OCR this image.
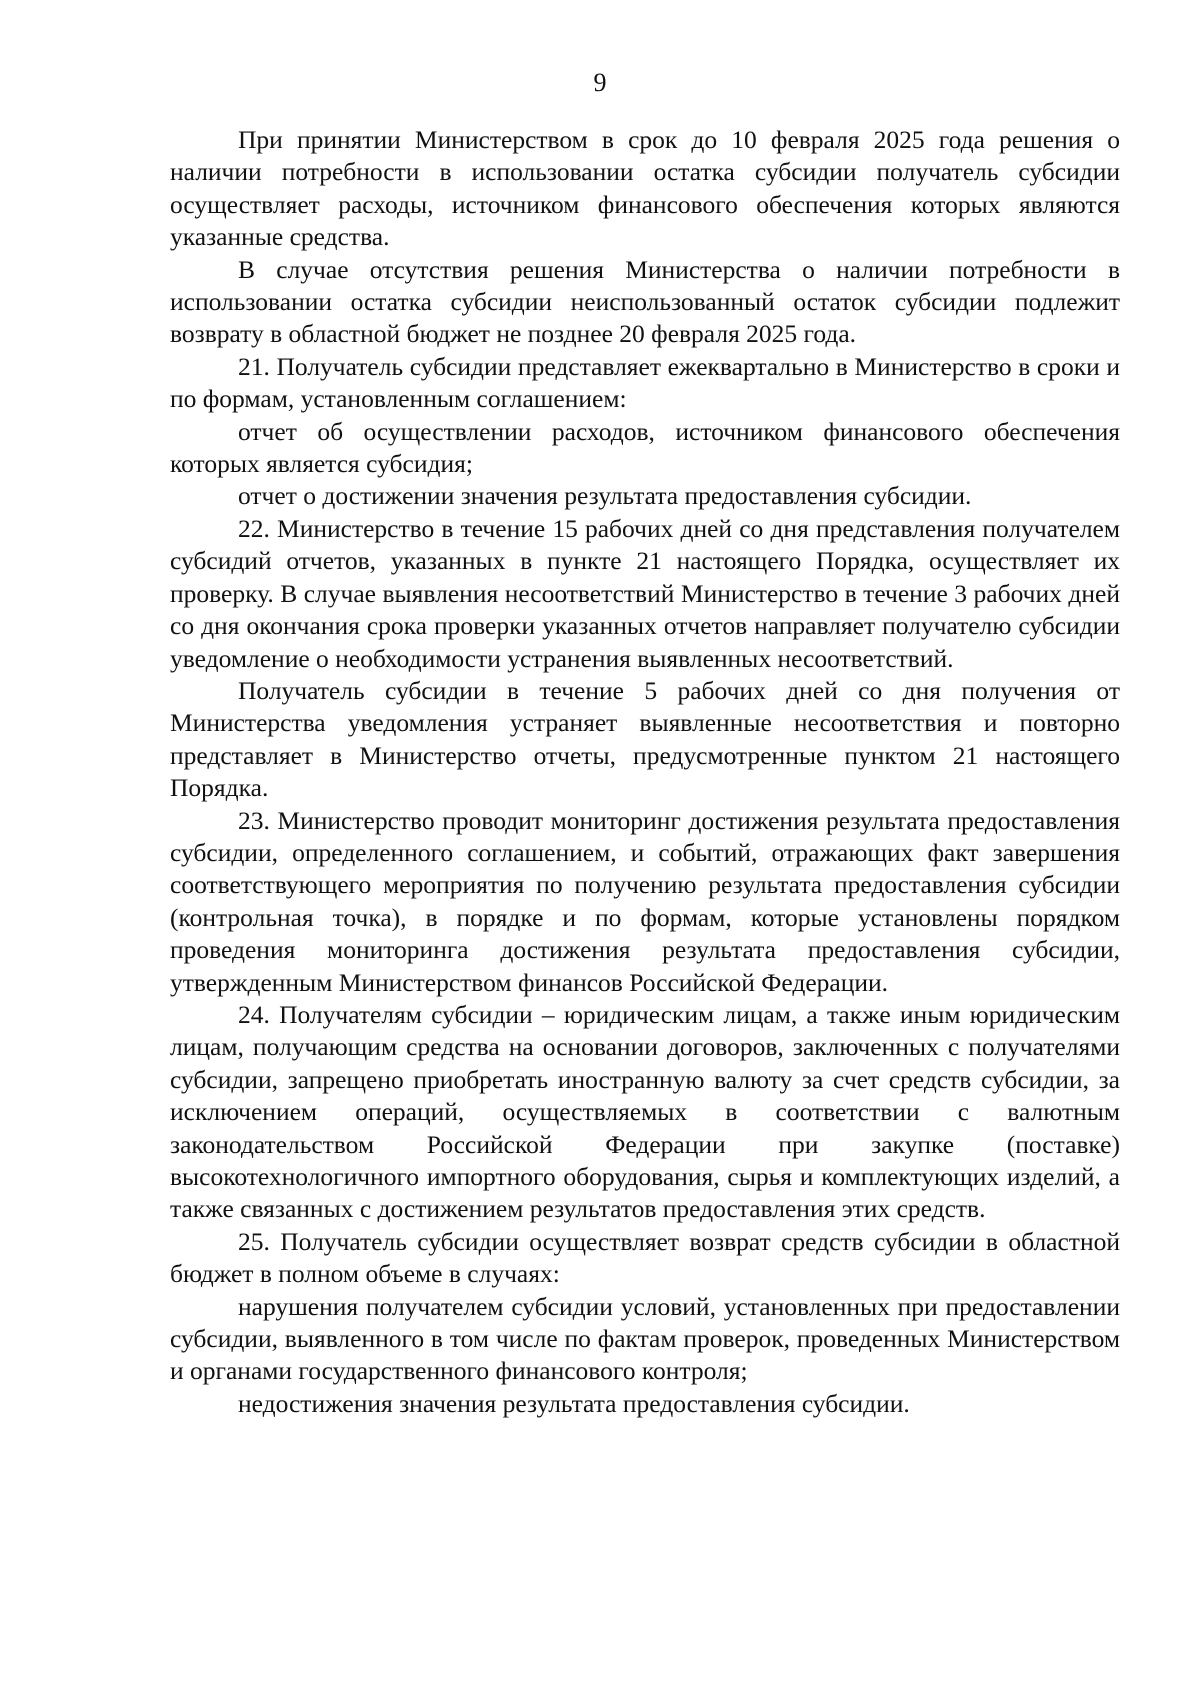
9

При принятии Министерством в срок до 10 февраля 2025 года решения о наличии потребности в использовании остатка субсидии получатель субсидии осуществляет расходы, источником финансового обеспечения которых являются указанные средства.

В случае отсутствия решения Министерства о наличии потребности в использовании остатка субсидии неиспользованный остаток субсидии подлежит возврату в областной бюджет не позднее 20 февраля 2025 года.

21. Получатель субсидии представляет ежеквартально в Министерство в сроки и по формам, установленным соглашением:

отчет об осуществлении расходов, источником финансового обеспечения которых является субсидия;

отчет о достижении значения результата предоставления субсидии.

22. Министерство в течение 15 рабочих дней со дня представления получателем субсидий отчетов, указанных в пункте 21 настоящего Порядка, осуществляет их проверку. В случае выявления несоответствий Министерство в течение 3 рабочих дней со дня окончания срока проверки указанных отчетов направляет получателю субсидии уведомление о необходимости устранения выявленных несоответствий.

Получатель субсидии в течение 5 рабочих дней со дня получения от Министерства уведомления устраняет выявленные несоответствия и повторно представляет в Министерство отчеты, предусмотренные пунктом 21 настоящего Порядка.

23. Министерство проводит мониторинг достижения результата предоставления субсидии, определенного соглашением, и событий, отражающих факт завершения соответствующего мероприятия по получению результата предоставления субсидии (контрольная точка), в порядке и по формам, которые установлены порядком проведения мониторинга достижения результата предоставления субсидии, утвержденным Министерством финансов Российской Федерации.

24. Получателям субсидии – юридическим лицам, а также иным юридическим лицам, получающим средства на основании договоров, заключенных с получателями субсидии, запрещено приобретать иностранную валюту за счет средств субсидии, за исключением операций, осуществляемых в соответствии с валютным законодательством Российской Федерации при закупке (поставке) высокотехнологичного импортного оборудования, сырья и комплектующих изделий, а также связанных с достижением результатов предоставления этих средств.

25. Получатель субсидии осуществляет возврат средств субсидии в областной бюджет в полном объеме в случаях:

нарушения получателем субсидии условий, установленных при предоставлении субсидии, выявленного в том числе по фактам проверок, проведенных Министерством и органами государственного финансового контроля;

недостижения значения результата предоставления субсидии.
